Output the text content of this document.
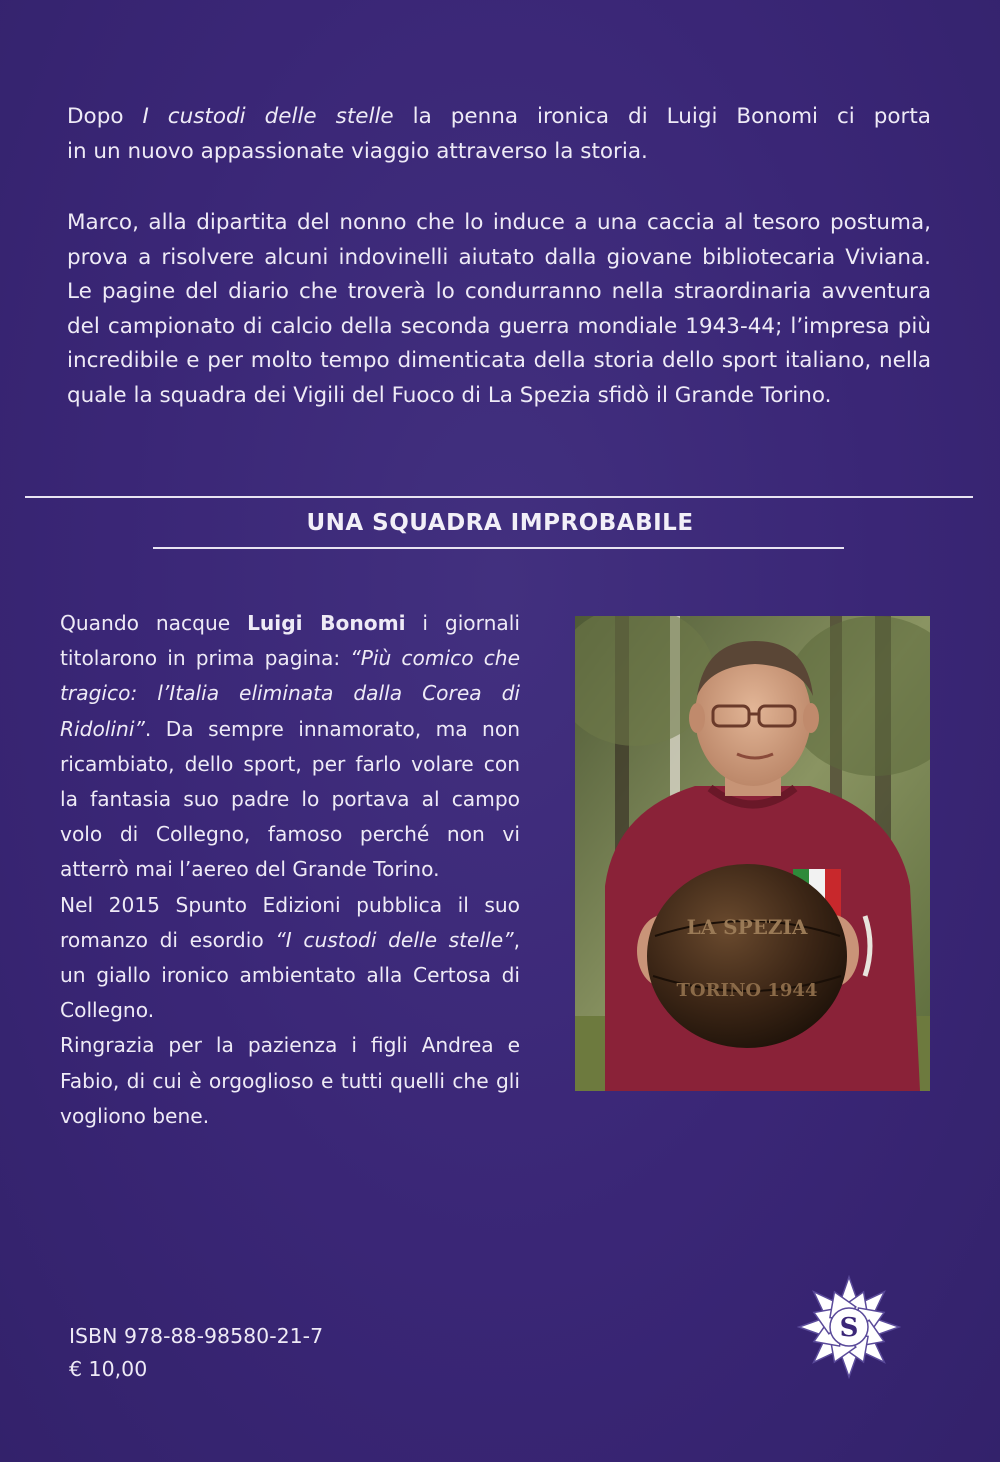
Dopo I custodi delle stelle la penna ironica di Luigi Bonomi ci porta
in un nuovo appassionate viaggio attraverso la storia.

Marco, alla dipartita del nonno che lo induce a una caccia al tesoro postuma, prova a risolvere alcuni indovinelli aiutato dalla giovane bibliotecaria Viviana. Le pagine del diario che troverà lo condurranno nella straordinaria avventura del campionato di calcio della seconda guerra mondiale 1943-44; l’impresa più incredibile e per molto tempo dimenticata della storia dello sport italiano, nella quale la squadra dei Vigili del Fuoco di La Spezia sfidò il Grande Torino.

UNA SQUADRA IMPROBABILE
Quando nacque Luigi Bonomi i giornali titolarono in prima pagina: “Più comico che tragico: l’Italia eliminata dalla Corea di Ridolini”. Da sempre innamorato, ma non ricambiato, dello sport, per farlo volare con la fantasia suo padre lo portava al campo volo di Collegno, famoso perché non vi atterrò mai l’aereo del Grande Torino.
Nel 2015 Spunto Edizioni pubblica il suo romanzo di esordio “I custodi delle stelle”, un giallo ironico ambientato alla Certosa di Collegno.
Ringrazia per la pazienza i figli Andrea e Fabio, di cui è orgoglioso e tutti quelli che gli vogliono bene.
LA SPEZIA
TORINO 1944
ISBN 978-88-98580-21-7
€ 10,00
S
